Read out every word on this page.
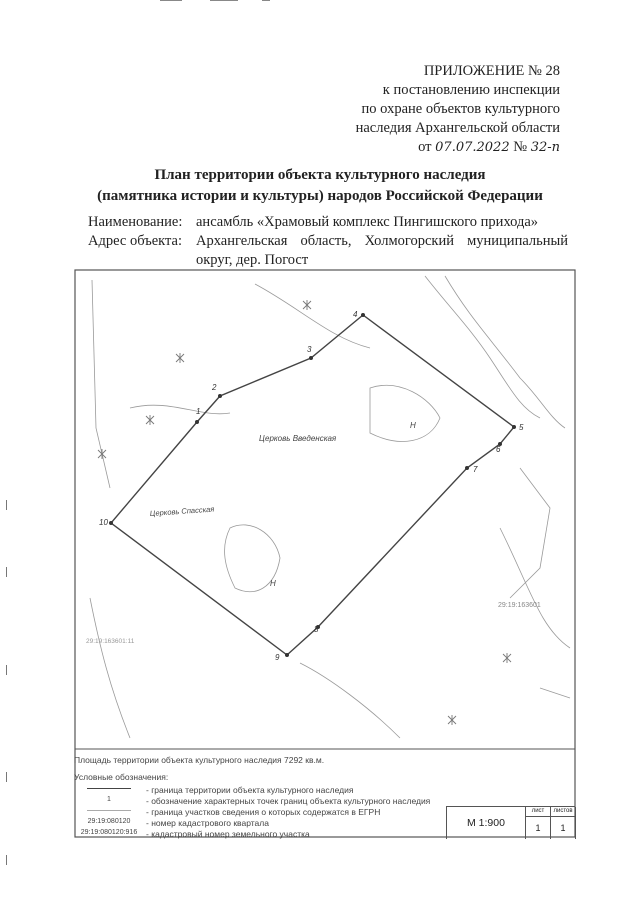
ПРИЛОЖЕНИЕ № 28
к постановлению инспекции
по охране объектов культурного
наследия Архангельской области
от 07.07.2022 № 32-п
План территории объекта культурного наследия
(памятника истории и культуры) народов Российской Федерации
Наименование: ансамбль «Храмовый комплекс Пингишского прихода»
Адрес объекта: Архангельская область, Холмогорский муниципальный округ, дер. Погост
1
2
3
4
5
6
7
8
9
10
Церковь Введенская
Церковь Спасская
29:19:163601
29:19:163601:11
Н
Н
Площадь территории объекта культурного наследия 7292 кв.м.
Условные обозначения:
- граница территории объекта культурного наследия
1	- обозначение характерных точек границ объекта культурного наследия
- граница участков сведения о которых содержатся в ЕГРН
29:19:080120	- номер кадастрового квартала
29:19:080120:916	- кадастровый номер земельного участка
М 1:900
лист
1
листов
1
